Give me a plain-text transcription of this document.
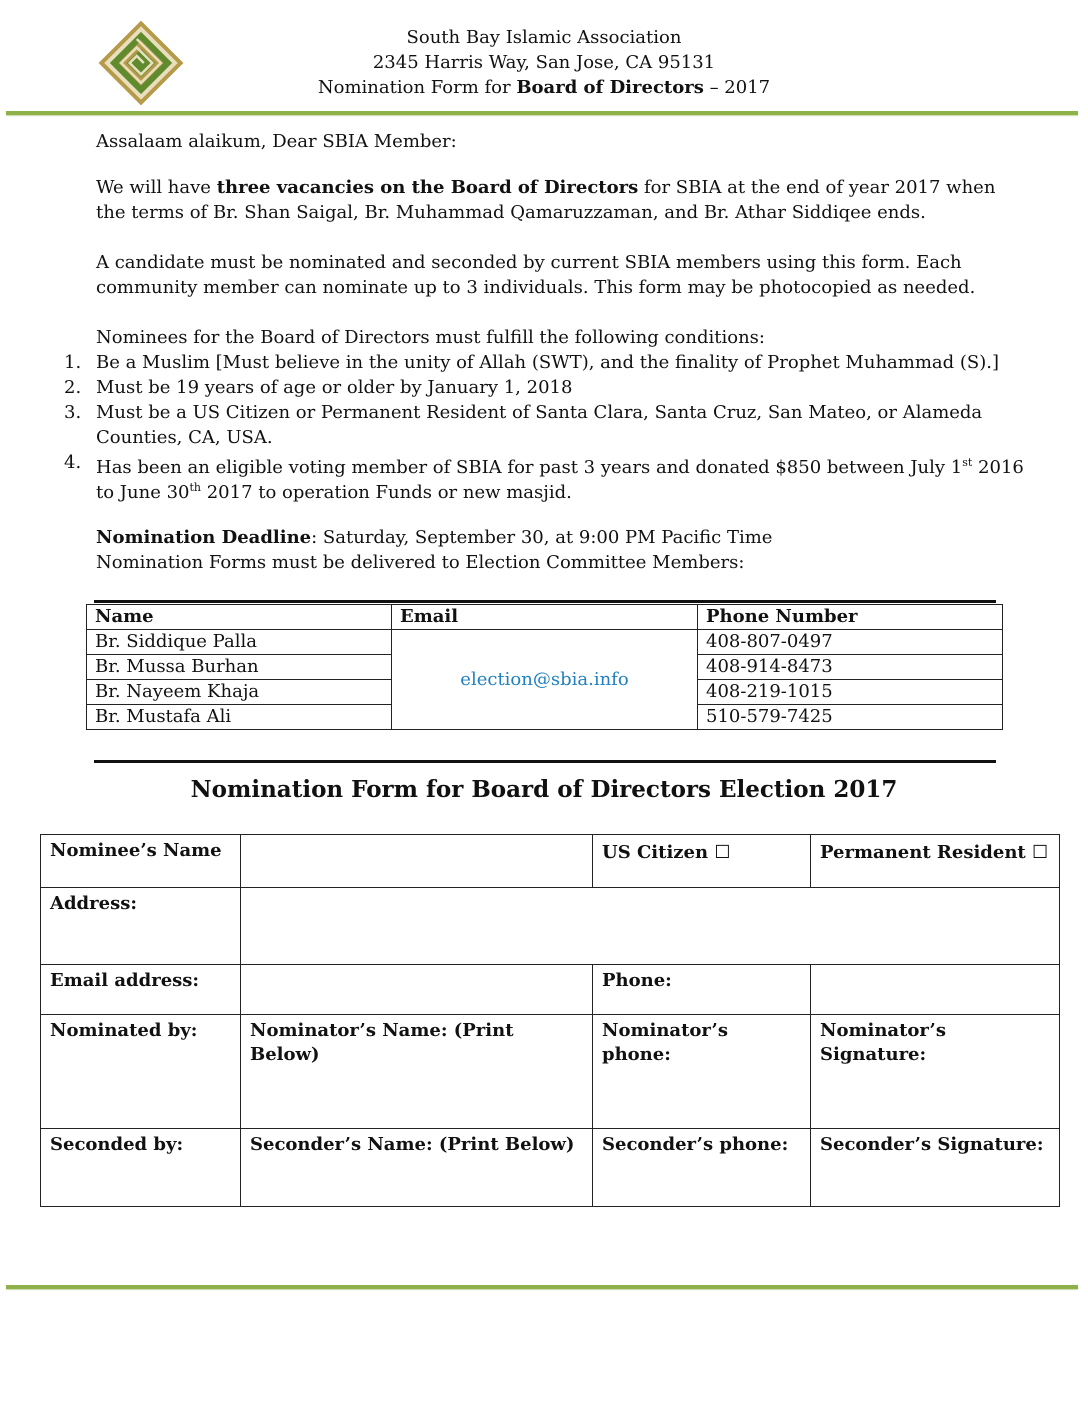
South Bay Islamic Association
2345 Harris Way, San Jose, CA 95131
Nomination Form for Board of Directors – 2017
Assalaam alaikum, Dear SBIA Member:
We will have three vacancies on the Board of Directors for SBIA at the end of year 2017 when
the terms of Br. Shan Saigal, Br. Muhammad Qamaruzzaman, and Br. Athar Siddiqee ends.
A candidate must be nominated and seconded by current SBIA members using this form. Each
community member can nominate up to 3 individuals. This form may be photocopied as needed.
Nominees for the Board of Directors must fulfill the following conditions:
1. Be a Muslim [Must believe in the unity of Allah (SWT), and the finality of Prophet Muhammad (S).]
2. Must be 19 years of age or older by January 1, 2018
3. Must be a US Citizen or Permanent Resident of Santa Clara, Santa Cruz, San Mateo, or Alameda
Counties, CA, USA.
4. Has been an eligible voting member of SBIA for past 3 years and donated $850 between July 1st 2016
to June 30th 2017 to operation Funds or new masjid.
Nomination Deadline: Saturday, September 30, at 9:00 PM Pacific Time
Nomination Forms must be delivered to Election Committee Members:
Name	Email	Phone Number
Br. Siddique Palla	election@sbia.info	408-807-0497
Br. Mussa Burhan		408-914-8473
Br. Nayeem Khaja		408-219-1015
Br. Mustafa Ali		510-579-7425
Nomination Form for Board of Directors Election 2017
Nominee’s Name		US Citizen ☐	Permanent Resident ☐
Address:			
Email address:		Phone:	
Nominated by:	Nominator’s Name: (Print Below)	Nominator’s phone:	Nominator’s Signature:
Seconded by:	Seconder’s Name: (Print Below)	Seconder’s phone:	Seconder’s Signature:
